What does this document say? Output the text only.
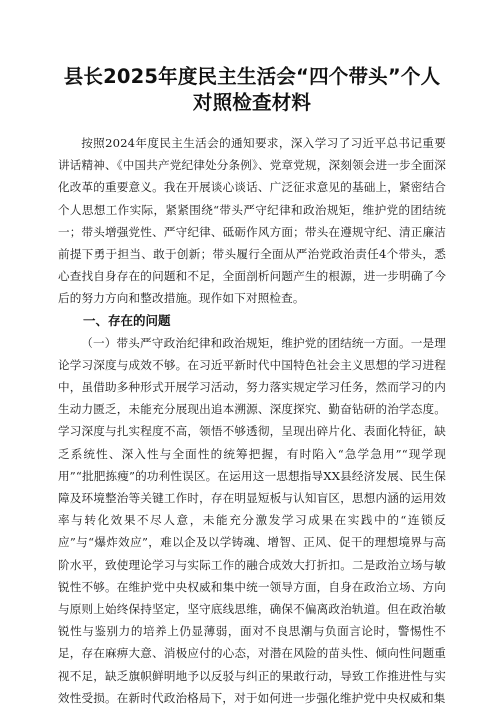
县长2025年度民主生活会“四个带头”个人对照检查材料

按照2024年度民主生活会的通知要求，深入学习了习近平总书记重要讲话精神、《中国共产党纪律处分条例》、党章党规，深刻领会进一步全面深化改革的重要意义。我在开展谈心谈话、广泛征求意见的基础上，紧密结合个人思想工作实际，紧紧围绕“带头严守纪律和政治规矩，维护党的团结统一；带头增强党性、严守纪律、砥砺作风方面；带头在遵规守纪、清正廉洁前提下勇于担当、敢于创新；带头履行全面从严治党政治责任4个带头，悉心查找自身存在的问题和不足，全面剖析问题产生的根源，进一步明确了今后的努力方向和整改措施。现作如下对照检查。

一、存在的问题

（一）带头严守政治纪律和政治规矩，维护党的团结统一方面。一是理论学习深度与成效不够。在习近平新时代中国特色社会主义思想的学习进程中，虽借助多种形式开展学习活动，努力落实规定学习任务，然而学习的内生动力匮乏，未能充分展现出追本溯源、深度探究、勤奋钻研的治学态度。学习深度与扎实程度不高，领悟不够透彻，呈现出碎片化、表面化特征，缺乏系统性、深入性与全面性的统筹把握，有时陷入“急学急用”“现学现用”“批肥拣瘦”的功利性误区。在运用这一思想指导XX县经济发展、民生保障及环境整治等关键工作时，存在明显短板与认知盲区，思想内涵的运用效率与转化效果不尽人意，未能充分激发学习成果在实践中的“连锁反应”与“爆炸效应”，难以企及以学铸魂、增智、正风、促干的理想境界与高阶水平，致使理论学习与实际工作的融合成效大打折扣。二是政治立场与敏锐性不够。在维护党中央权威和集中统一领导方面，自身在政治立场、方向与原则上始终保持坚定，坚守底线思维，确保不偏离政治轨道。但在政治敏锐性与鉴别力的培养上仍显薄弱，面对不良思潮与负面言论时，警惕性不足，存在麻痹大意、消极应付的心态，对潜在风险的苗头性、倾向性问题重视不足，缺乏旗帜鲜明地予以反驳与纠正的果敢行动，导致工作推进性与实效性受损。在新时代政治格局下，对于如何进一步强化维护党中央权威和集
